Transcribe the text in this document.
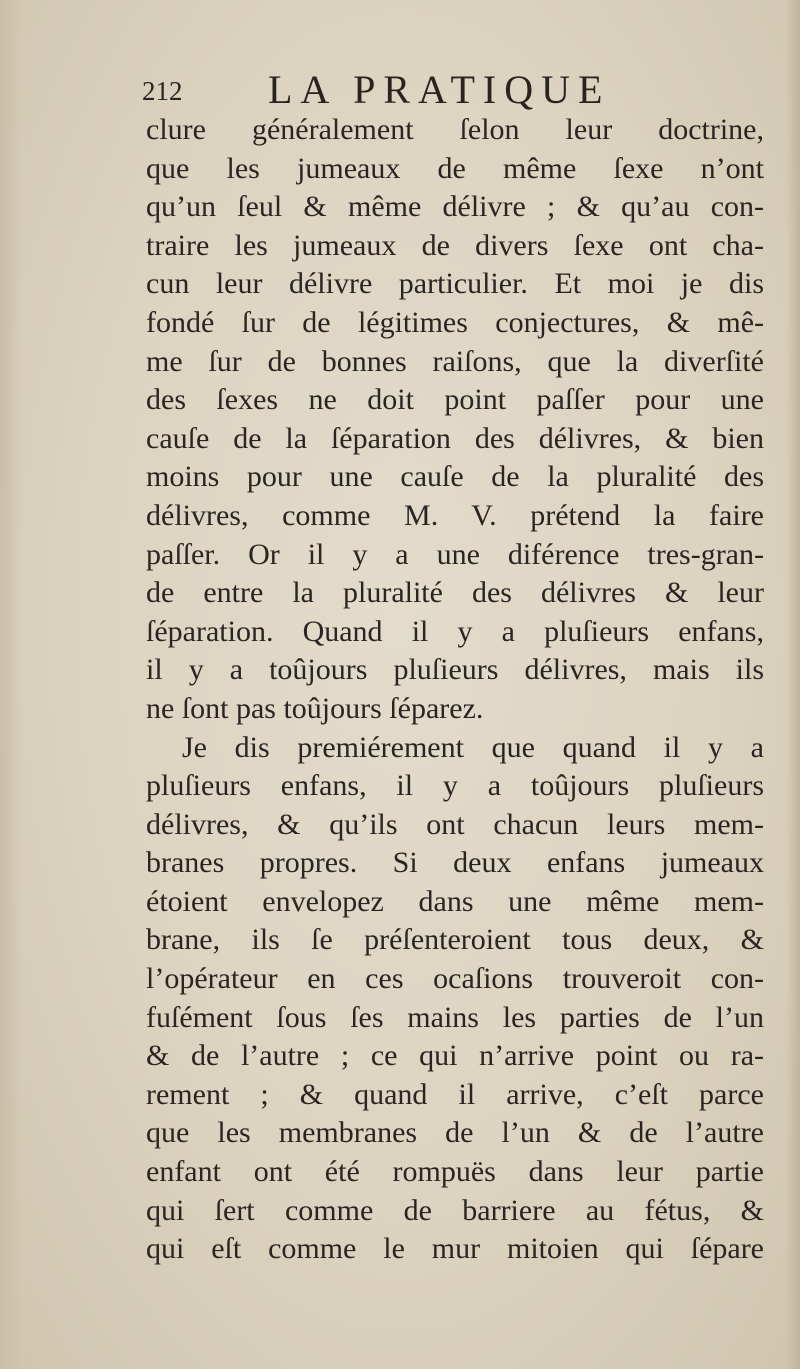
212 LA PRATIQUE
clure généralement ſelon leur doctrine,
que les jumeaux de même ſexe n’ont
qu’un ſeul & même délivre ; & qu’au con-
traire les jumeaux de divers ſexe ont cha-
cun leur délivre particulier. Et moi je dis
fondé ſur de légitimes conjectures, & mê-
me ſur de bonnes raiſons, que la diverſité
des ſexes ne doit point paſſer pour une
cauſe de la ſéparation des délivres, & bien
moins pour une cauſe de la pluralité des
délivres, comme M. V. prétend la faire
paſſer. Or il y a une diférence tres-gran-
de entre la pluralité des délivres & leur
ſéparation. Quand il y a pluſieurs enfans,
il y a toûjours pluſieurs délivres, mais ils
ne ſont pas toûjours ſéparez.
Je dis premiérement que quand il y a
pluſieurs enfans, il y a toûjours pluſieurs
délivres, & qu’ils ont chacun leurs mem-
branes propres. Si deux enfans jumeaux
étoient envelopez dans une même mem-
brane, ils ſe préſenteroient tous deux, &
l’opérateur en ces ocaſions trouveroit con-
fuſément ſous ſes mains les parties de l’un
& de l’autre ; ce qui n’arrive point ou ra-
rement ; & quand il arrive, c’eſt parce
que les membranes de l’un & de l’autre
enfant ont été rompuës dans leur partie
qui ſert comme de barriere au fétus, &
qui eſt comme le mur mitoien qui ſépare
